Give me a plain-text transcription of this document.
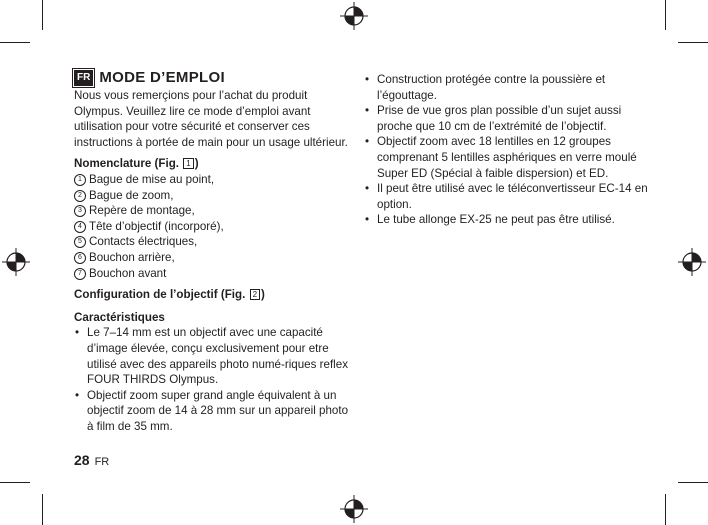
FR MODE D’EMPLOI

Nous vous remerçions pour l’achat du produit Olympus. Veuillez lire ce mode d’emploi avant utilisation pour votre sécurité et conserver ces instructions à portée de main pour un usage ultérieur.

Nomenclature (Fig. 1 )

1 Bague de mise au point,
2 Bague de zoom,
3 Repère de montage,
4 Tête d’objectif (incorporé),
5 Contacts électriques,
6 Bouchon arrière,
7 Bouchon avant

Configuration de l’objectif (Fig. 2 )

Caractéristiques

• Le 7–14 mm est un objectif avec une capacité d’image élevée, conçu exclusivement pour etre utilisé avec des appareils photo numé-riques reflex FOUR THIRDS Olympus.
• Objectif zoom super grand angle équivalent à un objectif zoom de 14 à 28 mm sur un appareil photo à film de 35 mm.
• Construction protégée contre la poussière et l’égouttage.
• Prise de vue gros plan possible d’un sujet aussi proche que 10 cm de l’extrémité de l’objectif.
• Objectif zoom avec 18 lentilles en 12 groupes comprenant 5 lentilles asphériques en verre moulé Super ED (Spécial à faible dispersion) et ED.
• Il peut être utilisé avec le téléconvertisseur EC-14 en option.
• Le tube allonge EX-25 ne peut pas être utilisé.
28 FR
